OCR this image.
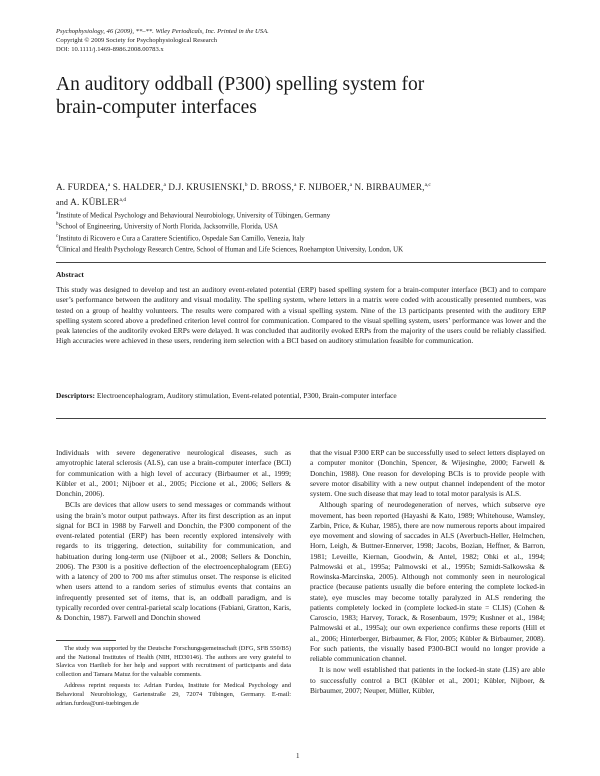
Psychophysiology, 46 (2009), **–**. Wiley Periodicals, Inc. Printed in the USA.
Copyright © 2009 Society for Psychophysiological Research
DOI: 10.1111/j.1469-8986.2008.00783.x
An auditory oddball (P300) spelling system for
brain-computer interfaces
A. FURDEA,$^a$ S. HALDER,$^a$ D.J. KRUSIENSKI,$^b$ D. BROSS,$^a$ F. NIJBOER,$^a$ N. BIRBAUMER,$^{a,c}$
and A. KÜBLER$^{a,d}$
$^a$Institute of Medical Psychology and Behavioural Neurobiology, University of Tübingen, Germany
$^b$School of Engineering, University of North Florida, Jacksonville, Florida, USA
$^c$Instituto di Ricovero e Cura a Carattere Scientifico, Ospedale San Camillo, Venezia, Italy
$^d$Clinical and Health Psychology Research Centre, School of Human and Life Sciences, Roehampton University, London, UK
Abstract
This study was designed to develop and test an auditory event-related potential (ERP) based spelling system for a brain-computer interface (BCI) and to compare user’s performance between the auditory and visual modality. The spelling system, where letters in a matrix were coded with acoustically presented numbers, was tested on a group of healthy volunteers. The results were compared with a visual spelling system. Nine of the 13 participants presented with the auditory ERP spelling system scored above a predefined criterion level control for communication. Compared to the visual spelling system, users’ performance was lower and the peak latencies of the auditorily evoked ERPs were delayed. It was concluded that auditorily evoked ERPs from the majority of the users could be reliably classified. High accuracies were achieved in these users, rendering item selection with a BCI based on auditory stimulation feasible for communication.
Descriptors: Electroencephalogram, Auditory stimulation, Event-related potential, P300, Brain-computer interface

Individuals with severe degenerative neurological diseases, such as amyotrophic lateral sclerosis (ALS), can use a brain-computer interface (BCI) for communication with a high level of accuracy (Birbaumer et al., 1999; Kübler et al., 2001; Nijboer et al., 2005; Piccione et al., 2006; Sellers & Donchin, 2006).

BCIs are devices that allow users to send messages or commands without using the brain’s motor output pathways. After its first description as an input signal for BCI in 1988 by Farwell and Donchin, the P300 component of the event-related potential (ERP) has been recently explored intensively with regards to its triggering, detection, suitability for communication, and habituation during long-term use (Nijboer et al., 2008; Sellers & Donchin, 2006). The P300 is a positive deflection of the electroencephalogram (EEG) with a latency of 200 to 700 ms after stimulus onset. The response is elicited when users attend to a random series of stimulus events that contains an infrequently presented set of items, that is, an oddball paradigm, and is typically recorded over central-parietal scalp locations (Fabiani, Gratton, Karis, & Donchin, 1987). Farwell and Donchin showed

that the visual P300 ERP can be successfully used to select letters displayed on a computer monitor (Donchin, Spencer, & Wijesinghe, 2000; Farwell & Donchin, 1988). One reason for developing BCIs is to provide people with severe motor disability with a new output channel independent of the motor system. One such disease that may lead to total motor paralysis is ALS.

Although sparing of neurodegeneration of nerves, which subserve eye movement, has been reported (Hayashi & Kato, 1989; Whitehouse, Wamsley, Zarbin, Price, & Kuhar, 1985), there are now numerous reports about impaired eye movement and slowing of saccades in ALS (Averbuch-Heller, Helmchen, Horn, Leigh, & Buttner-Ennerver, 1998; Jacobs, Bozian, Heffner, & Barron, 1981; Leveille, Kiernan, Goodwin, & Antel, 1982; Ohki et al., 1994; Palmowski et al., 1995a; Palmowski et al., 1995b; Szmidt-Salkowska & Rowinska-Marcinska, 2005). Although not commonly seen in neurological practice (because patients usually die before entering the complete locked-in state), eye muscles may become totally paralyzed in ALS rendering the patients completely locked in (complete locked-in state = CLIS) (Cohen & Caroscio, 1983; Harvey, Torack, & Rosenbaum, 1979; Kushner et al., 1984; Palmowski et al., 1995a); our own experience confirms these reports (Hill et al., 2006; Hinterberger, Birbaumer, & Flor, 2005; Kübler & Birbaumer, 2008). For such patients, the visually based P300-BCI would no longer provide a reliable communication channel.

It is now well established that patients in the locked-in state (LIS) are able to successfully control a BCI (Kübler et al., 2001; Kübler, Nijboer, & Birbaumer, 2007; Neuper, Müller, Kübler,

The study was supported by the Deutsche Forschungsgemeinschaft (DFG, SFB 550/B5) and the National Institutes of Health (NIH, HD30146). The authors are very grateful to Slavica von Hartlieb for her help and support with recruitment of participants and data collection and Tamara Matuz for the valuable comments.

Address reprint requests to: Adrian Furdea, Institute for Medical Psychology and Behavioral Neurobiology, Gartenstraße 29, 72074 Tübingen, Germany. E-mail: adrian.furdea@uni-tuebingen.de

1
